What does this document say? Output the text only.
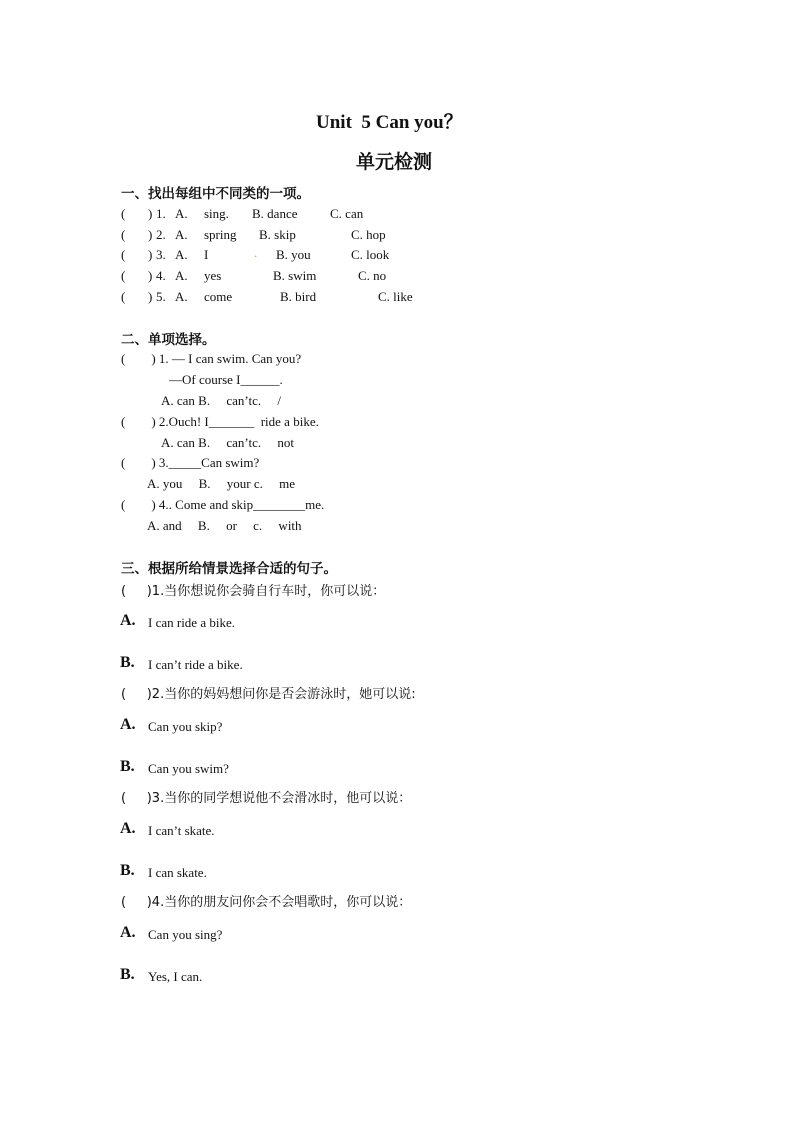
Unit  5 Can you？
单元检测
一、找出每组中不同类的一项。
( ) 1. A. sing. B. dance	C. can
( ) 2. A. spring B. skip	C. hop
( ) 3. A. I	. B. you	C. look
( ) 4. A. yes	B. swim	C. no
( ) 5. A. come	B. bird	C. like
二、单项选择。
(        ) 1. — I can swim. Can you?
—Of course I______.
A. can B.     can’tc.     /
(        ) 2.Ouch! I_______  ride a bike.
A. can B.     can’tc.     not
(        ) 3._____Can swim?
A. you     B.     your c.     me
(        ) 4.. Come and skip________me.
A. and     B.     or     c.     with
三、根据所给情景选择合适的句子。
(     )1.当你想说你会骑自行车时，你可以说：
A. I can ride a bike.
B. I can’t ride a bike.
(     )2.当你的妈妈想问你是否会游泳时，她可以说:
A. Can you skip?
B. Can you swim?
(     )3.当你的同学想说他不会滑冰时，他可以说：
A. I can’t skate.
B. I can skate.
(     )4.当你的朋友问你会不会唱歌时，你可以说：
A. Can you sing?
B. Yes, I can.
